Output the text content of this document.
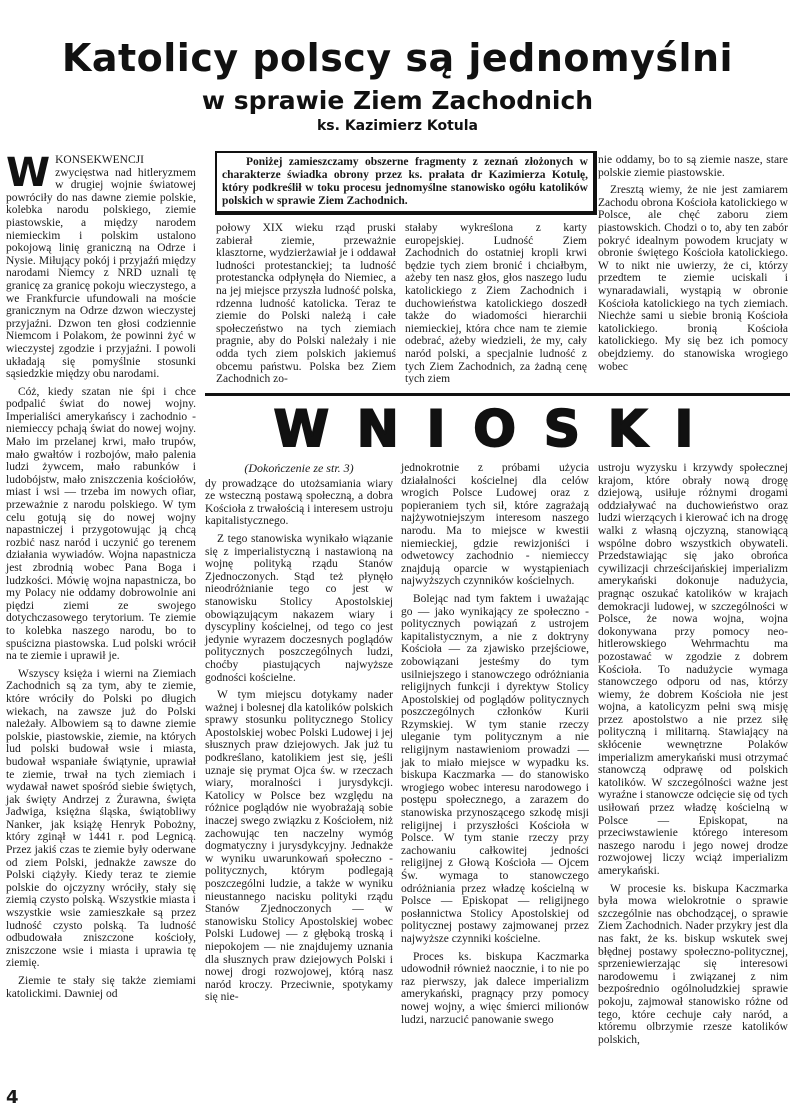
Katolicy polscy są jednomyślni
w sprawie Ziem Zachodnich
ks. Kazimierz Kotula

WKONSEKWENCJI zwycięstwa nad hitleryzmem w drugiej wojnie światowej powróciły do nas dawne ziemie polskie, kolebka narodu polskiego, ziemie piastowskie, a między narodem niemieckim i polskim ustalono pokojową linię graniczną na Odrze i Nysie. Miłujący pokój i przyjaźń między narodami Niemcy z NRD uznali tę granicę za granicę pokoju wieczystego, a we Frankfurcie ufundowali na moście granicznym na Odrze dzwon wieczystej przyjaźni. Dzwon ten głosi codziennie Niemcom i Polakom, że powinni żyć w wieczystej zgodzie i przyjaźni. I powoli układają się pomyślnie stosunki sąsiedzkie między obu narodami.

Cóż, kiedy szatan nie śpi i chce podpalić świat do nowej wojny. Imperialiści amerykańscy i zachodnio - niemieccy pchają świat do nowej wojny. Mało im przelanej krwi, mało trupów, mało gwałtów i rozbojów, mało palenia ludzi żywcem, mało rabunków i ludobójstw, mało zniszczenia kościołów, miast i wsi — trzeba im nowych ofiar, przeważnie z narodu polskiego. W tym celu gotują się do nowej wojny napastniczej i przygotowując ją chcą rozbić nasz naród i uczynić go terenem działania wywiadów. Wojna napastnicza jest zbrodnią wobec Pana Boga i ludzkości. Mówię wojna napastnicza, bo my Polacy nie oddamy dobrowolnie ani piędzi ziemi ze swojego dotychczasowego terytorium. Te ziemie to kolebka naszego narodu, bo to spuścizna piastowska. Lud polski wrócił na te ziemie i uprawił je.

Wszyscy księża i wierni na Ziemiach Zachodnich są za tym, aby te ziemie, które wróciły do Polski po długich wiekach, na zawsze już do Polski należały. Albowiem są to dawne ziemie polskie, piastowskie, ziemie, na których lud polski budował wsie i miasta, budował wspaniałe świątynie, uprawiał te ziemie, trwał na tych ziemiach i wydawał nawet spośród siebie świętych, jak święty Andrzej z Żurawna, święta Jadwiga, księżna śląska, świątobliwy Nanker, jak książę Henryk Pobożny, który zginął w 1441 r. pod Legnicą. Przez jakiś czas te ziemie były oderwane od ziem Polski, jednakże zawsze do Polski ciążyły. Kiedy teraz te ziemie polskie do ojczyzny wróciły, stały się ziemią czysto polską. Wszystkie miasta i wszystkie wsie zamieszkałe są przez ludność czysto polską. Ta ludność odbudowała zniszczone kościoły, zniszczone wsie i miasta i uprawia tę ziemię.

Ziemie te stały się także ziemiami katolickimi. Dawniej od

Poniżej zamieszczamy obszerne fragmenty z zeznań złożonych w charakterze świadka obrony przez ks. prałata dr Kazimierza Kotulę, który podkreślił w toku procesu jednomyślne stanowisko ogółu katolików polskich w sprawie Ziem Zachodnich.

połowy XIX wieku rząd pruski zabierał ziemie, przeważnie klasztorne, wydzierżawiał je i oddawał ludności protestanckiej; ta ludność protestancka odpłynęła do Niemiec, a na jej miejsce przyszła ludność polska, rdzenna ludność katolicka. Teraz te ziemie do Polski należą i całe społeczeństwo na tych ziemiach pragnie, aby do Polski należały i nie odda tych ziem polskich jakiemuś obcemu państwu. Polska bez Ziem Zachodnich zo-

stałaby wykreślona z karty europejskiej. Ludność Ziem Zachodnich do ostatniej kropli krwi będzie tych ziem bronić i chciałbym, ażeby ten nasz głos, głos naszego ludu katolickiego z Ziem Zachodnich i duchowieństwa katolickiego doszedł także do wiadomości hierarchii niemieckiej, która chce nam te ziemie odebrać, ażeby wiedzieli, że my, cały naród polski, a specjalnie ludność z tych Ziem Zachodnich, za żadną cenę tych ziem

nie oddamy, bo to są ziemie nasze, stare polskie ziemie piastowskie.

Zresztą wiemy, że nie jest zamiarem Zachodu obrona Kościoła katolickiego w Polsce, ale chęć zaboru ziem piastowskich. Chodzi o to, aby ten zabór pokryć idealnym powodem krucjaty w obronie świętego Kościoła katolickiego. W to nikt nie uwierzy, że ci, którzy przedtem te ziemie uciskali i wynaradawiali, wystąpią w obronie Kościoła katolickiego na tych ziemiach. Niechże sami u siebie bronią Kościoła katolickiego. bronią Kościoła katolickiego. My się bez ich pomocy obejdziemy. do stanowiska wrogiego wobec

WNIOSKI
(Dokończenie ze str. 3)

dy prowadzące do utożsamiania wiary ze wsteczną postawą społeczną, a dobra Kościoła z trwałością i interesem ustroju kapitalistycznego.

Z tego stanowiska wynikało wiązanie się z imperialistyczną i nastawioną na wojnę polityką rządu Stanów Zjednoczonych. Stąd też płynęło nieodróżnianie tego co jest w stanowisku Stolicy Apostolskiej obowiązującym nakazem wiary i dyscypliny kościelnej, od tego co jest jedynie wyrazem doczesnych poglądów politycznych poszczególnych ludzi, choćby piastujących najwyższe godności kościelne.

W tym miejscu dotykamy nader ważnej i bolesnej dla katolików polskich sprawy stosunku politycznego Stolicy Apostolskiej wobec Polski Ludowej i jej słusznych praw dziejowych. Jak już tu podkreślano, katolikiem jest się, jeśli uznaje się prymat Ojca św. w rzeczach wiary, moralności i jurysdykcji. Katolicy w Polsce bez względu na różnice poglądów nie wyobrażają sobie inaczej swego związku z Kościołem, niż zachowując ten naczelny wymóg dogmatyczny i jurysdykcyjny. Jednakże w wyniku uwarunkowań społeczno - politycznych, którym podlegają poszczególni ludzie, a także w wyniku nieustannego nacisku polityki rządu Stanów Zjednoczonych — w stanowisku Stolicy Apostolskiej wobec Polski Ludowej — z głęboką troską i niepokojem — nie znajdujemy uznania dla słusznych praw dziejowych Polski i nowej drogi rozwojowej, którą nasz naród kroczy. Przeciwnie, spotykamy się nie-

jednokrotnie z próbami użycia działalności kościelnej dla celów wrogich Polsce Ludowej oraz z popieraniem tych sił, które zagrażają najżywotniejszym interesom naszego narodu. Ma to miejsce w kwestii niemieckiej, gdzie rewizjoniści i odwetowcy zachodnio - niemieccy znajdują oparcie w wystąpieniach najwyższych czynników kościelnych.

Bolejąc nad tym faktem i uważając go — jako wynikający ze społeczno - politycznych powiązań z ustrojem kapitalistycznym, a nie z doktryny Kościoła — za zjawisko przejściowe, zobowiązani jesteśmy do tym usilniejszego i stanowczego odróżniania religijnych funkcji i dyrektyw Stolicy Apostolskiej od poglądów politycznych poszczególnych członków Kurii Rzymskiej. W tym stanie rzeczy uleganie tym politycznym a nie religijnym nastawieniom prowadzi — jak to miało miejsce w wypadku ks. biskupa Kaczmarka — do stanowisko wrogiego wobec interesu narodowego i postępu społecznego, a zarazem do stanowiska przynoszącego szkodę misji religijnej i przyszłości Kościoła w Polsce. W tym stanie rzeczy przy zachowaniu całkowitej jedności religijnej z Głową Kościoła — Ojcem Św. wymaga to stanowczego odróżniania przez władzę kościelną w Polsce — Episkopat — religijnego posłannictwa Stolicy Apostolskiej od politycznej postawy zajmowanej przez najwyższe czynniki kościelne.

Proces ks. biskupa Kaczmarka udowodnił również naocznie, i to nie po raz pierwszy, jak dalece imperializm amerykański, pragnący przy pomocy nowej wojny, a więc śmierci milionów ludzi, narzucić panowanie swego

ustroju wyzysku i krzywdy społecznej krajom, które obrały nową drogę dziejową, usiłuje różnymi drogami oddziaływać na duchowieństwo oraz ludzi wierzących i kierować ich na drogę walki z własną ojczyzną, stanowiącą wspólne dobro wszystkich obywateli. Przedstawiając się jako obrońca cywilizacji chrześcijańskiej imperializm amerykański dokonuje nadużycia, pragnąc oszukać katolików w krajach demokracji ludowej, w szczególności w Polsce, że nowa wojna, wojna dokonywana przy pomocy neo-hitlerowskiego Wehrmachtu ma pozostawać w zgodzie z dobrem Kościoła. To nadużycie wymaga stanowczego odporu od nas, którzy wiemy, że dobrem Kościoła nie jest wojna, a katolicyzm pełni swą misję przez apostolstwo a nie przez siłę polityczną i militarną. Stawiający na skłócenie wewnętrzne Polaków imperializm amerykański musi otrzymać stanowczą odprawę od polskich katolików. W szczególności ważne jest wyraźne i stanowcze odcięcie się od tych usiłowań przez władzę kościelną w Polsce — Episkopat, na przeciwstawienie którego interesom naszego narodu i jego nowej drodze rozwojowej liczy wciąż imperializm amerykański.

W procesie ks. biskupa Kaczmarka była mowa wielokrotnie o sprawie szczególnie nas obchodzącej, o sprawie Ziem Zachodnich. Nader przykry jest dla nas fakt, że ks. biskup wskutek swej błędnej postawy społeczno-politycznej, sprzeniewierzając się interesowi narodowemu i związanej z nim bezpośrednio ogólnoludzkiej sprawie pokoju, zajmował stanowisko różne od tego, które cechuje cały naród, a któremu olbrzymie rzesze katolików polskich,

4
